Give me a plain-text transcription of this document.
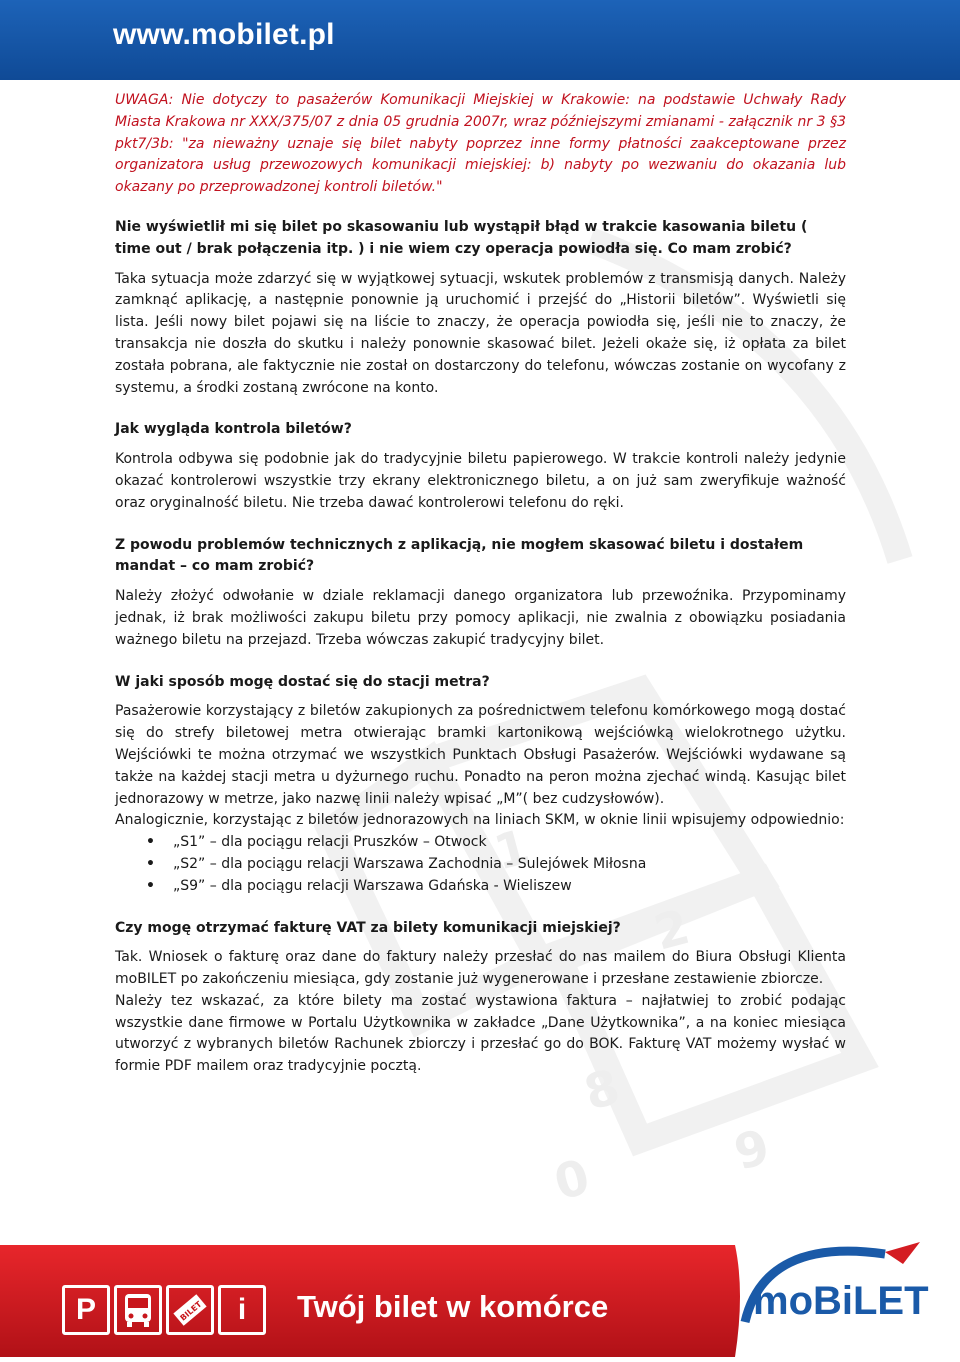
1
2
0	9
8
www.mobilet.pl

UWAGA: Nie dotyczy to pasażerów Komunikacji Miejskiej w Krakowie: na podstawie Uchwały Rady Miasta Krakowa nr XXX/375/07 z dnia 05 grudnia 2007r, wraz późniejszymi zmianami - załącznik nr 3 §3 pkt7/3b: "za nieważny uznaje się bilet nabyty poprzez inne formy płatności zaakceptowane przez organizatora usług przewozowych komunikacji miejskiej: b) nabyty po wezwaniu do okazania lub okazany po przeprowadzonej kontroli biletów."

Nie wyświetlił mi się bilet po skasowaniu lub wystąpił błąd w trakcie kasowania biletu ( time out / brak połączenia itp. ) i nie wiem czy operacja powiodła się. Co mam zrobić?

Taka sytuacja może zdarzyć się w wyjątkowej sytuacji, wskutek problemów z transmisją danych. Należy zamknąć aplikację, a następnie ponownie ją uruchomić i przejść do „Historii biletów”. Wyświetli się lista. Jeśli nowy bilet pojawi się na liście to znaczy, że operacja powiodła się, jeśli nie to znaczy, że transakcja nie doszła do skutku i należy ponownie skasować bilet. Jeżeli okaże się, iż opłata za bilet została pobrana, ale faktycznie nie został on dostarczony do telefonu, wówczas zostanie on wycofany z systemu, a środki zostaną zwrócone na konto.

Jak wygląda kontrola biletów?

Kontrola odbywa się podobnie jak do tradycyjnie biletu papierowego. W trakcie kontroli należy jedynie okazać kontrolerowi wszystkie trzy ekrany elektronicznego biletu, a on już sam zweryfikuje ważność oraz oryginalność biletu. Nie trzeba dawać kontrolerowi telefonu do ręki.

Z powodu problemów technicznych z aplikacją, nie mogłem skasować biletu i dostałem mandat – co mam zrobić?

Należy złożyć odwołanie w dziale reklamacji danego organizatora lub przewoźnika. Przypominamy jednak, iż brak możliwości zakupu biletu przy pomocy aplikacji, nie zwalnia z obowiązku posiadania ważnego biletu na przejazd. Trzeba wówczas zakupić tradycyjny bilet.

W jaki sposób mogę dostać się do stacji metra?

Pasażerowie korzystający z biletów zakupionych za pośrednictwem telefonu komórkowego mogą dostać się do strefy biletowej metra otwierając bramki kartonikową wejściówką wielokrotnego użytku. Wejściówki te można otrzymać we wszystkich Punktach Obsługi Pasażerów. Wejściówki wydawane są także na każdej stacji metra u dyżurnego ruchu. Ponadto na peron można zjechać windą. Kasując bilet jednorazowy w metrze, jako nazwę linii należy wpisać „M”( bez cudzysłowów).

Analogicznie, korzystając z biletów jednorazowych na liniach SKM, w oknie linii wpisujemy odpowiednio:

• „S1” – dla pociągu relacji Pruszków – Otwock
• „S2” – dla pociągu relacji Warszawa Zachodnia – Sulejówek Miłosna
• „S9” – dla pociągu relacji Warszawa Gdańska - Wieliszew
Czy mogę otrzymać fakturę VAT za bilety komunikacji miejskiej?

Tak. Wniosek o fakturę oraz dane do faktury należy przesłać do nas mailem do Biura Obsługi Klienta moBILET po zakończeniu miesiąca, gdy zostanie już wygenerowane i przesłane zestawienie zbiorcze.

Należy tez wskazać, za które bilety ma zostać wystawiona faktura – najłatwiej to zrobić podając wszystkie dane firmowe w Portalu Użytkownika w zakładce „Dane Użytkownika”, a na koniec miesiąca utworzyć z wybranych biletów Rachunek zbiorczy i przesłać go do BOK. Fakturę VAT możemy wysłać w formie PDF mailem oraz tradycyjnie pocztą.

P	BILET	i	Twój bilet w komórce	moBiLET
